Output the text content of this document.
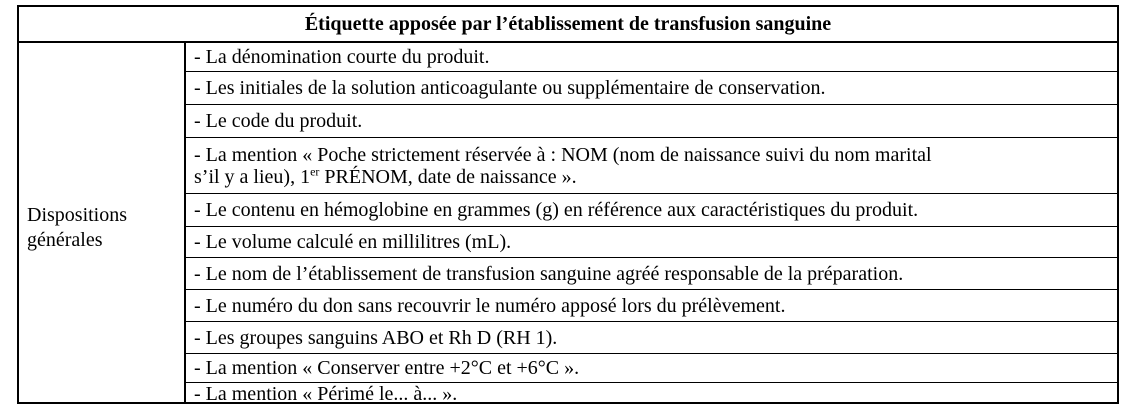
Étiquette apposée par l’établissement de transfusion sanguine
Dispositions
générales
- La dénomination courte du produit.
- Les initiales de la solution anticoagulante ou supplémentaire de conservation.
- Le code du produit.
- La mention « Poche strictement réservée à : NOM (nom de naissance suivi du nom marital
s’il y a lieu), 1er PRÉNOM, date de naissance ».
- Le contenu en hémoglobine en grammes (g) en référence aux caractéristiques du produit.
- Le volume calculé en millilitres (mL).
- Le nom de l’établissement de transfusion sanguine agréé responsable de la préparation.
- Le numéro du don sans recouvrir le numéro apposé lors du prélèvement.
- Les groupes sanguins ABO et Rh D (RH 1).
- La mention « Conserver entre +2°C et +6°C ».
- La mention « Périmé le... à... ».
